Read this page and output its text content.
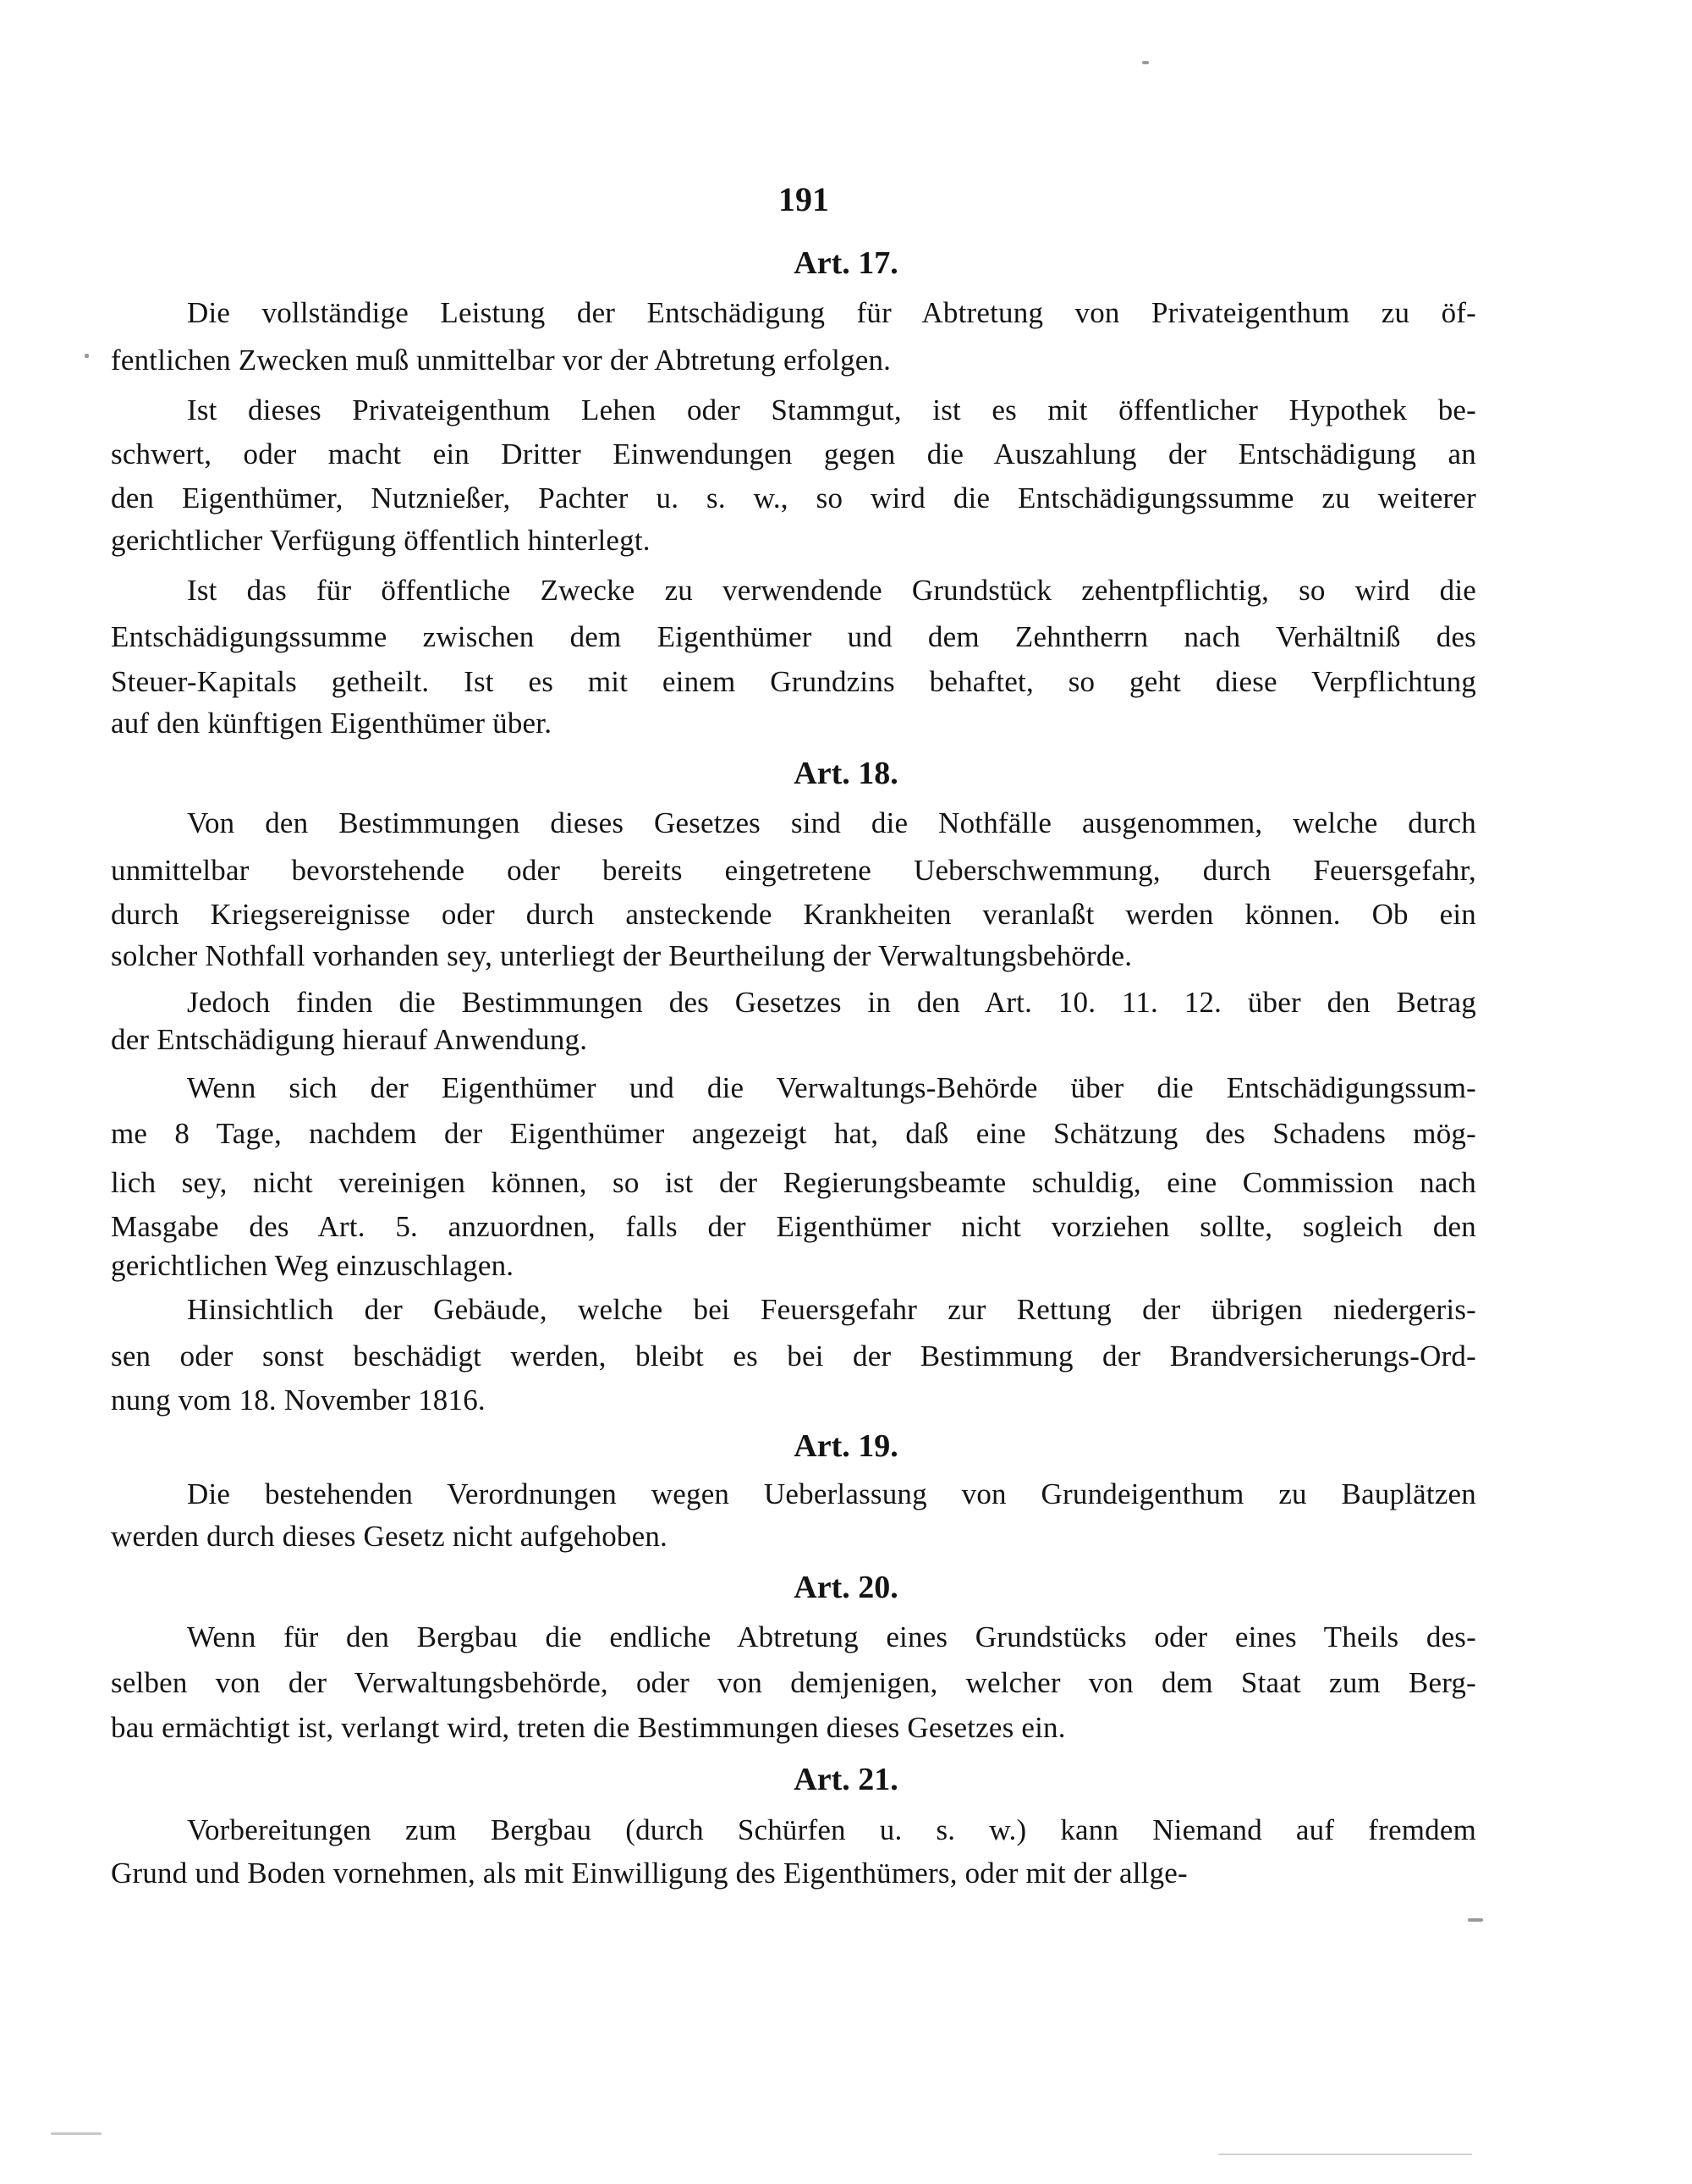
191
Art. 17.
Die vollständige Leistung der Entschädigung für Abtretung von Privateigenthum zu öf-
fentlichen Zwecken muß unmittelbar vor der Abtretung erfolgen.
Ist dieses Privateigenthum Lehen oder Stammgut, ist es mit öffentlicher Hypothek be-
schwert, oder macht ein Dritter Einwendungen gegen die Auszahlung der Entschädigung an
den Eigenthümer, Nutznießer, Pachter u. s. w., so wird die Entschädigungssumme zu weiterer
gerichtlicher Verfügung öffentlich hinterlegt.
Ist das für öffentliche Zwecke zu verwendende Grundstück zehentpflichtig, so wird die
Entschädigungssumme zwischen dem Eigenthümer und dem Zehntherrn nach Verhältniß des
Steuer-Kapitals getheilt. Ist es mit einem Grundzins behaftet, so geht diese Verpflichtung
auf den künftigen Eigenthümer über.
Art. 18.
Von den Bestimmungen dieses Gesetzes sind die Nothfälle ausgenommen, welche durch
unmittelbar bevorstehende oder bereits eingetretene Ueberschwemmung, durch Feuersgefahr,
durch Kriegsereignisse oder durch ansteckende Krankheiten veranlaßt werden können. Ob ein
solcher Nothfall vorhanden sey, unterliegt der Beurtheilung der Verwaltungsbehörde.
Jedoch finden die Bestimmungen des Gesetzes in den Art. 10. 11. 12. über den Betrag
der Entschädigung hierauf Anwendung.
Wenn sich der Eigenthümer und die Verwaltungs-Behörde über die Entschädigungssum-
me 8 Tage, nachdem der Eigenthümer angezeigt hat, daß eine Schätzung des Schadens mög-
lich sey, nicht vereinigen können, so ist der Regierungsbeamte schuldig, eine Commission nach
Masgabe des Art. 5. anzuordnen, falls der Eigenthümer nicht vorziehen sollte, sogleich den
gerichtlichen Weg einzuschlagen.
Hinsichtlich der Gebäude, welche bei Feuersgefahr zur Rettung der übrigen niedergeris-
sen oder sonst beschädigt werden, bleibt es bei der Bestimmung der Brandversicherungs-Ord-
nung vom 18. November 1816.
Art. 19.
Die bestehenden Verordnungen wegen Ueberlassung von Grundeigenthum zu Bauplätzen
werden durch dieses Gesetz nicht aufgehoben.
Art. 20.
Wenn für den Bergbau die endliche Abtretung eines Grundstücks oder eines Theils des-
selben von der Verwaltungsbehörde, oder von demjenigen, welcher von dem Staat zum Berg-
bau ermächtigt ist, verlangt wird, treten die Bestimmungen dieses Gesetzes ein.
Art. 21.
Vorbereitungen zum Bergbau (durch Schürfen u. s. w.) kann Niemand auf fremdem
Grund und Boden vornehmen, als mit Einwilligung des Eigenthümers, oder mit der allge-
